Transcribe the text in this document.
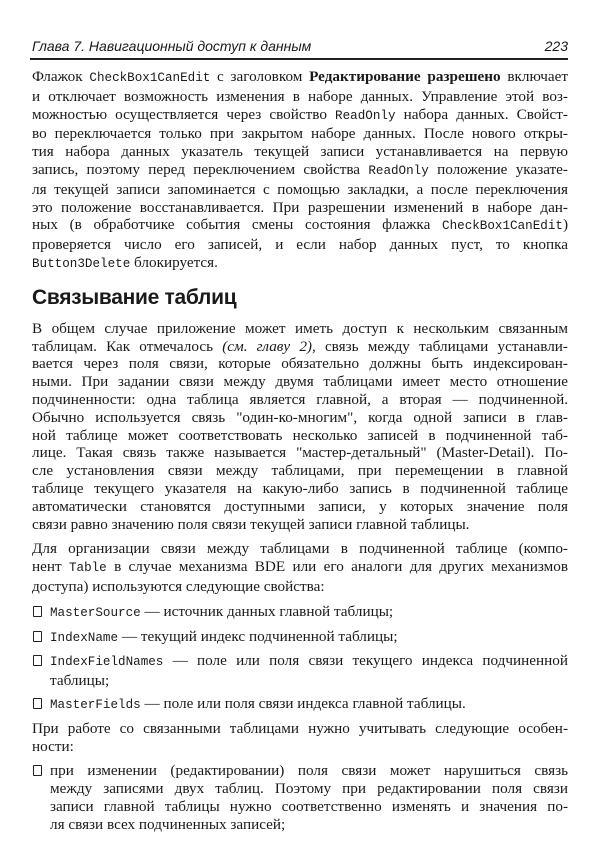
Глава 7. Навигационный доступ к данным	223
Флажок CheckBox1CanEdit с заголовком Редактирование разрешено включает
и отключает возможность изменения в наборе данных. Управление этой воз-
можностью осуществляется через свойство ReadOnly набора данных. Свойст-
во переключается только при закрытом наборе данных. После нового откры-
тия набора данных указатель текущей записи устанавливается на первую
запись, поэтому перед переключением свойства ReadOnly положение указате-
ля текущей записи запоминается с помощью закладки, а после переключения
это положение восстанавливается. При разрешении изменений в наборе дан-
ных (в обработчике события смены состояния флажка CheckBox1CanEdit)
проверяется число его записей, и если набор данных пуст, то кнопка
Button3Delete блокируется.
Связывание таблиц
В общем случае приложение может иметь доступ к нескольким связанным
таблицам. Как отмечалось (см. главу 2), связь между таблицами устанавли-
вается через поля связи, которые обязательно должны быть индексирован-
ными. При задании связи между двумя таблицами имеет место отношение
подчиненности: одна таблица является главной, а вторая — подчиненной.
Обычно используется связь "один-ко-многим", когда одной записи в глав-
ной таблице может соответствовать несколько записей в подчиненной таб-
лице. Такая связь также называется "мастер-детальный" (Master-Detail). По-
сле установления связи между таблицами, при перемещении в главной
таблице текущего указателя на какую-либо запись в подчиненной таблице
автоматически становятся доступными записи, у которых значение поля
связи равно значению поля связи текущей записи главной таблицы.
Для организации связи между таблицами в подчиненной таблице (компо-
нент Table в случае механизма BDE или его аналоги для других механизмов
доступа) используются следующие свойства:
MasterSource — источник данных главной таблицы;
IndexName — текущий индекс подчиненной таблицы;
IndexFieldNames — поле или поля связи текущего индекса подчиненной
таблицы;
MasterFields — поле или поля связи индекса главной таблицы.
При работе со связанными таблицами нужно учитывать следующие особен-
ности:
при изменении (редактировании) поля связи может нарушиться связь
между записями двух таблиц. Поэтому при редактировании поля связи
записи главной таблицы нужно соответственно изменять и значения по-
ля связи всех подчиненных записей;
